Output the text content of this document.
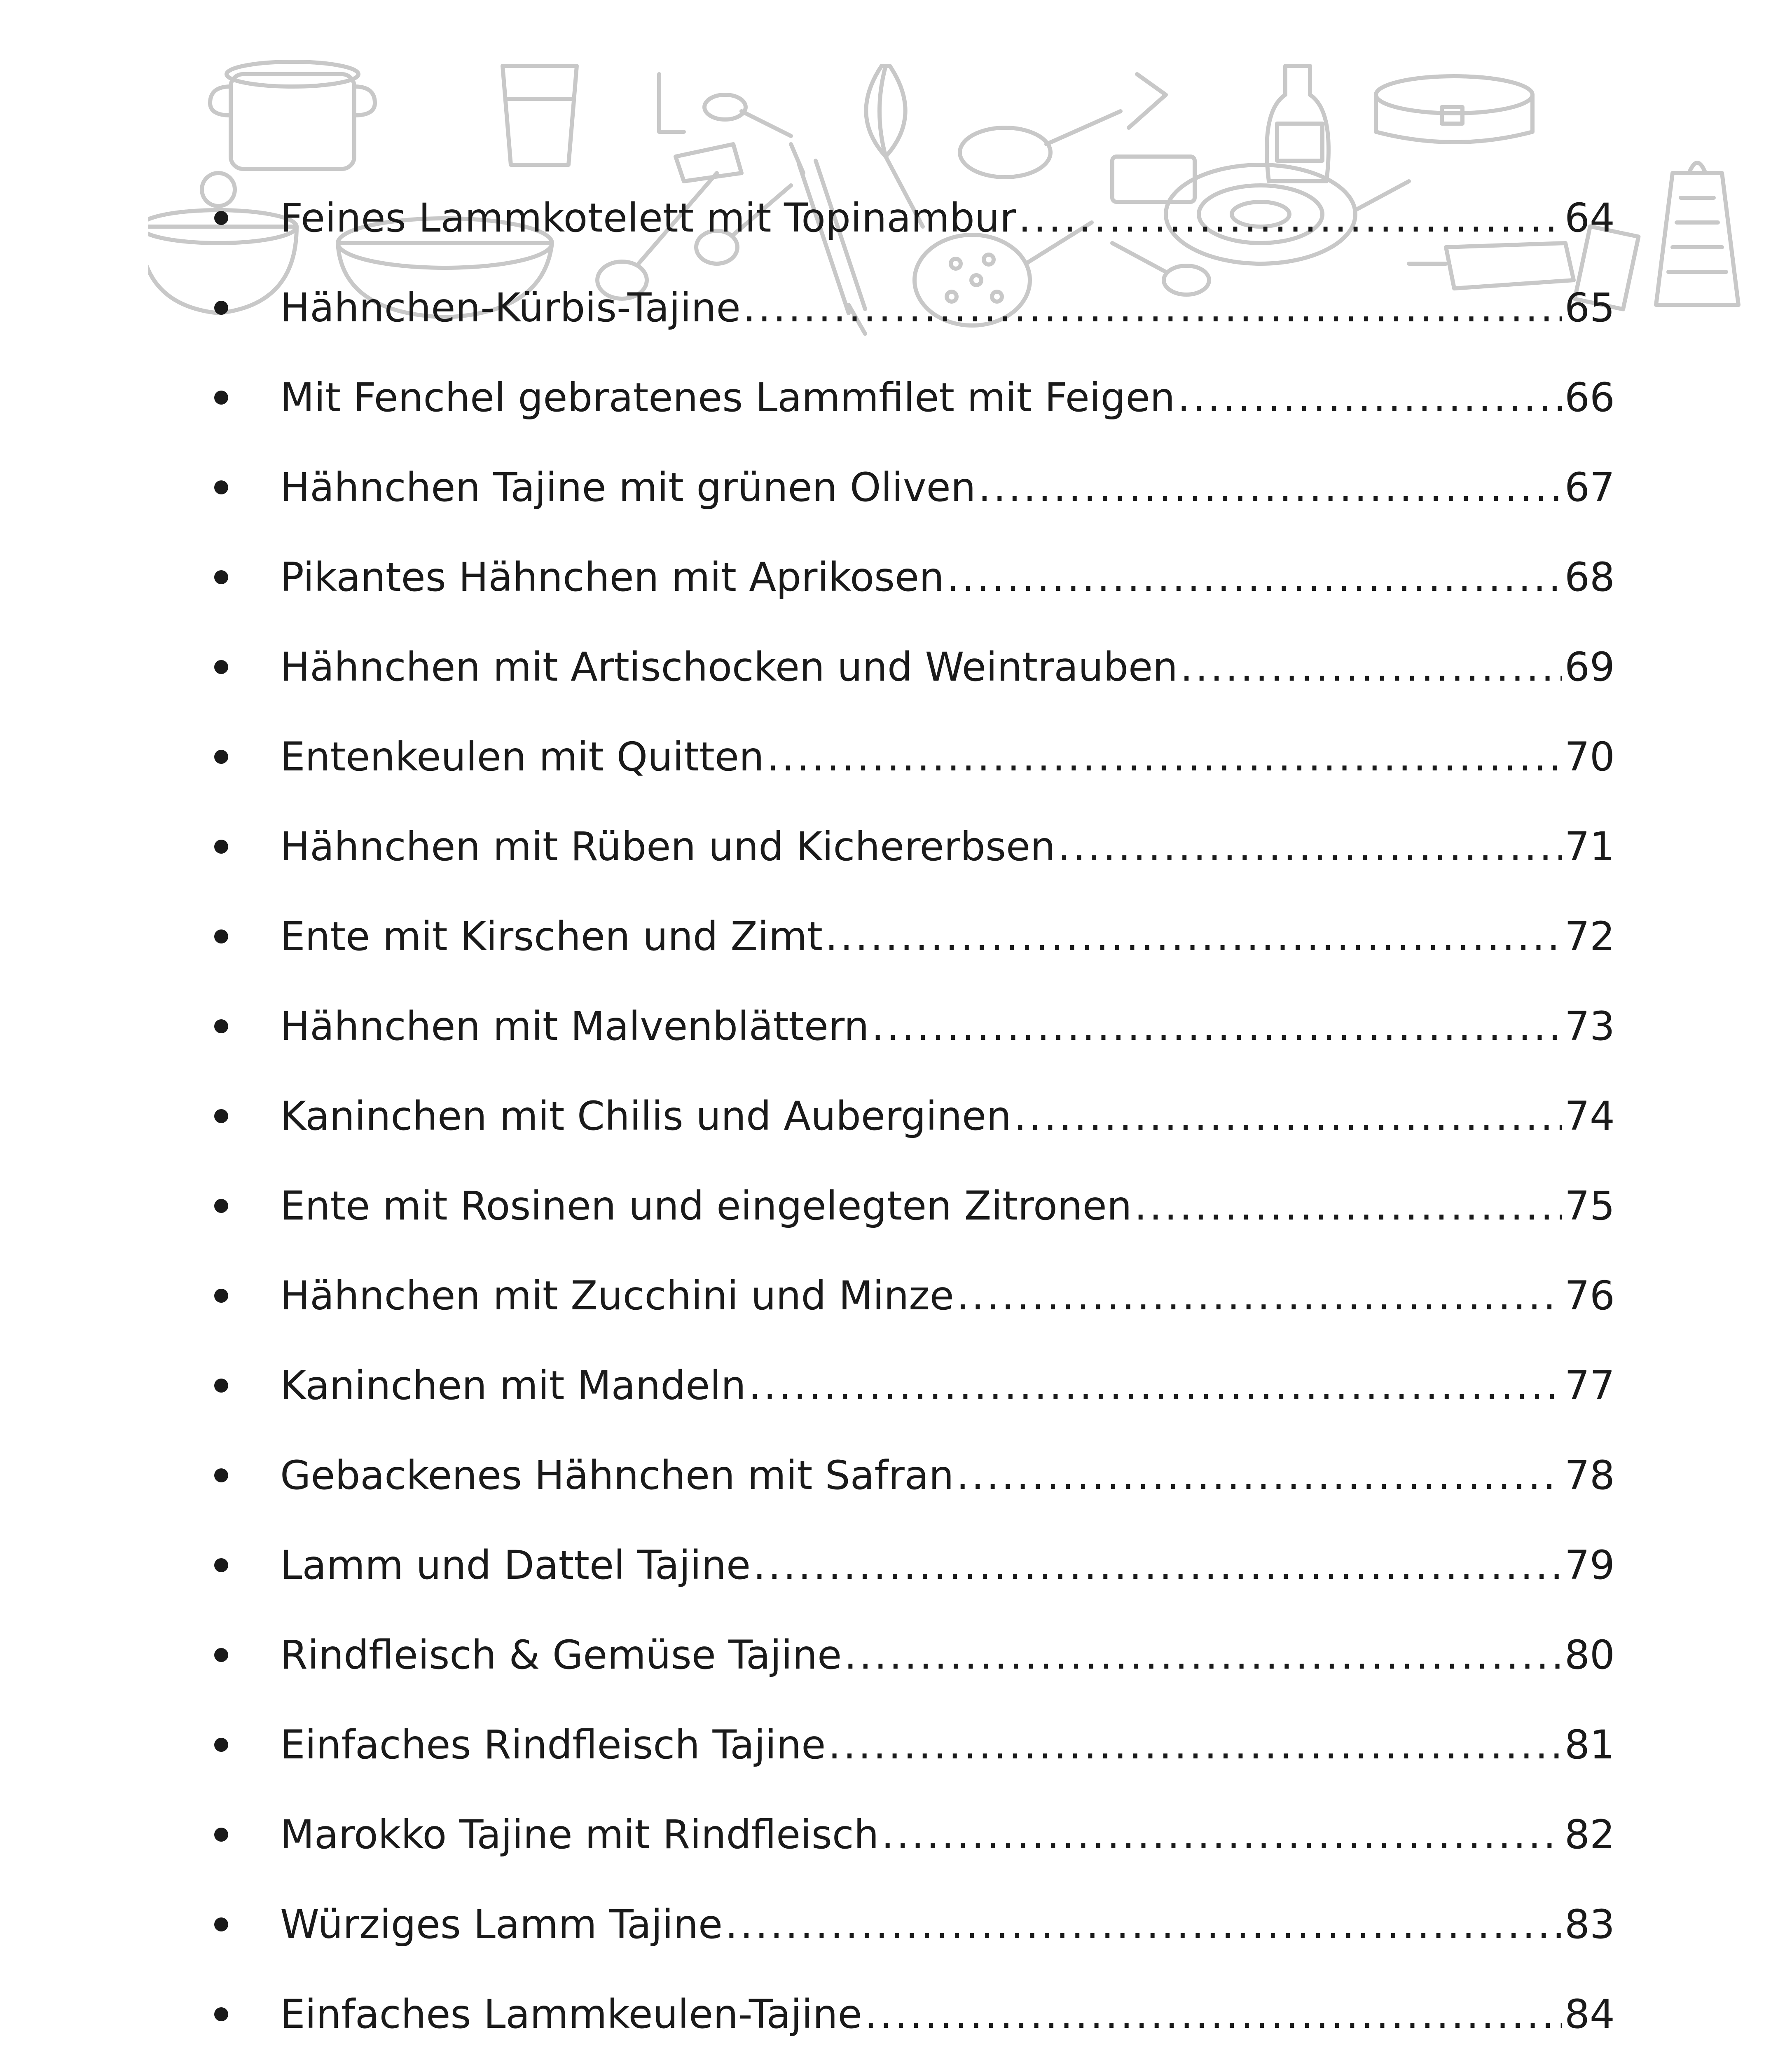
Feines Lammkotelett mit Topinambur .....	64
Hähnchen-Kürbis-Tajine .....	65
Mit Fenchel gebratenes Lammfilet mit Feigen .....	66
Hähnchen Tajine mit grünen Oliven .....	67
Pikantes Hähnchen mit Aprikosen .....	68
Hähnchen mit Artischocken und Weintrauben .....	69
Entenkeulen mit Quitten .....	70
Hähnchen mit Rüben und Kichererbsen .....	71
Ente mit Kirschen und Zimt .....	72
Hähnchen mit Malvenblättern .....	73
Kaninchen mit Chilis und Auberginen .....	74
Ente mit Rosinen und eingelegten Zitronen .....	75
Hähnchen mit Zucchini und Minze .....	76
Kaninchen mit Mandeln .....	77
Gebackenes Hähnchen mit Safran .....	78
Lamm und Dattel Tajine .....	79
Rindfleisch & Gemüse Tajine .....	80
Einfaches Rindfleisch Tajine .....	81
Marokko Tajine mit Rindfleisch .....	82
Würziges Lamm Tajine .....	83
Einfaches Lammkeulen-Tajine .....	84
